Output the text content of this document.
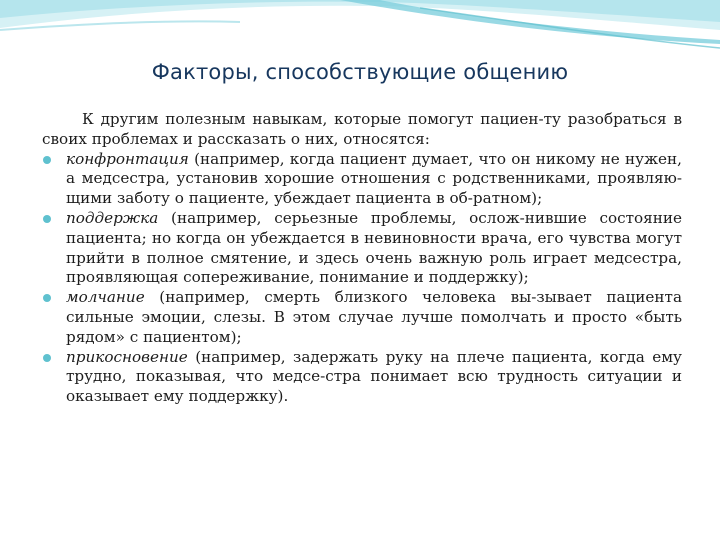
Факторы, способствующие общению

К другим полезным навыкам, которые помогут пациен-ту разобраться в своих проблемах и рассказать о них, относятся:

конфронтация (например, когда пациент думает, что он никому не нужен, а медсестра, установив хорошие отношения с родственниками, проявляю-щими заботу о пациенте, убеждает пациента в об-ратном);
поддержка (например, серьезные проблемы, ослож-нившие состояние пациента; но когда он убеждается в невиновности врача, его чувства могут прийти в полное смятение, и здесь очень важную роль играет медсестра, проявляющая сопереживание, понимание и поддержку);
молчание (например, смерть близкого человека вы-зывает пациента сильные эмоции, слезы. В этом случае лучше помолчать и просто «быть рядом» с пациентом);
прикосновение (например, задержать руку на плече пациента, когда ему трудно, показывая, что медсе-стра понимает всю трудность ситуации и оказывает ему поддержку).
